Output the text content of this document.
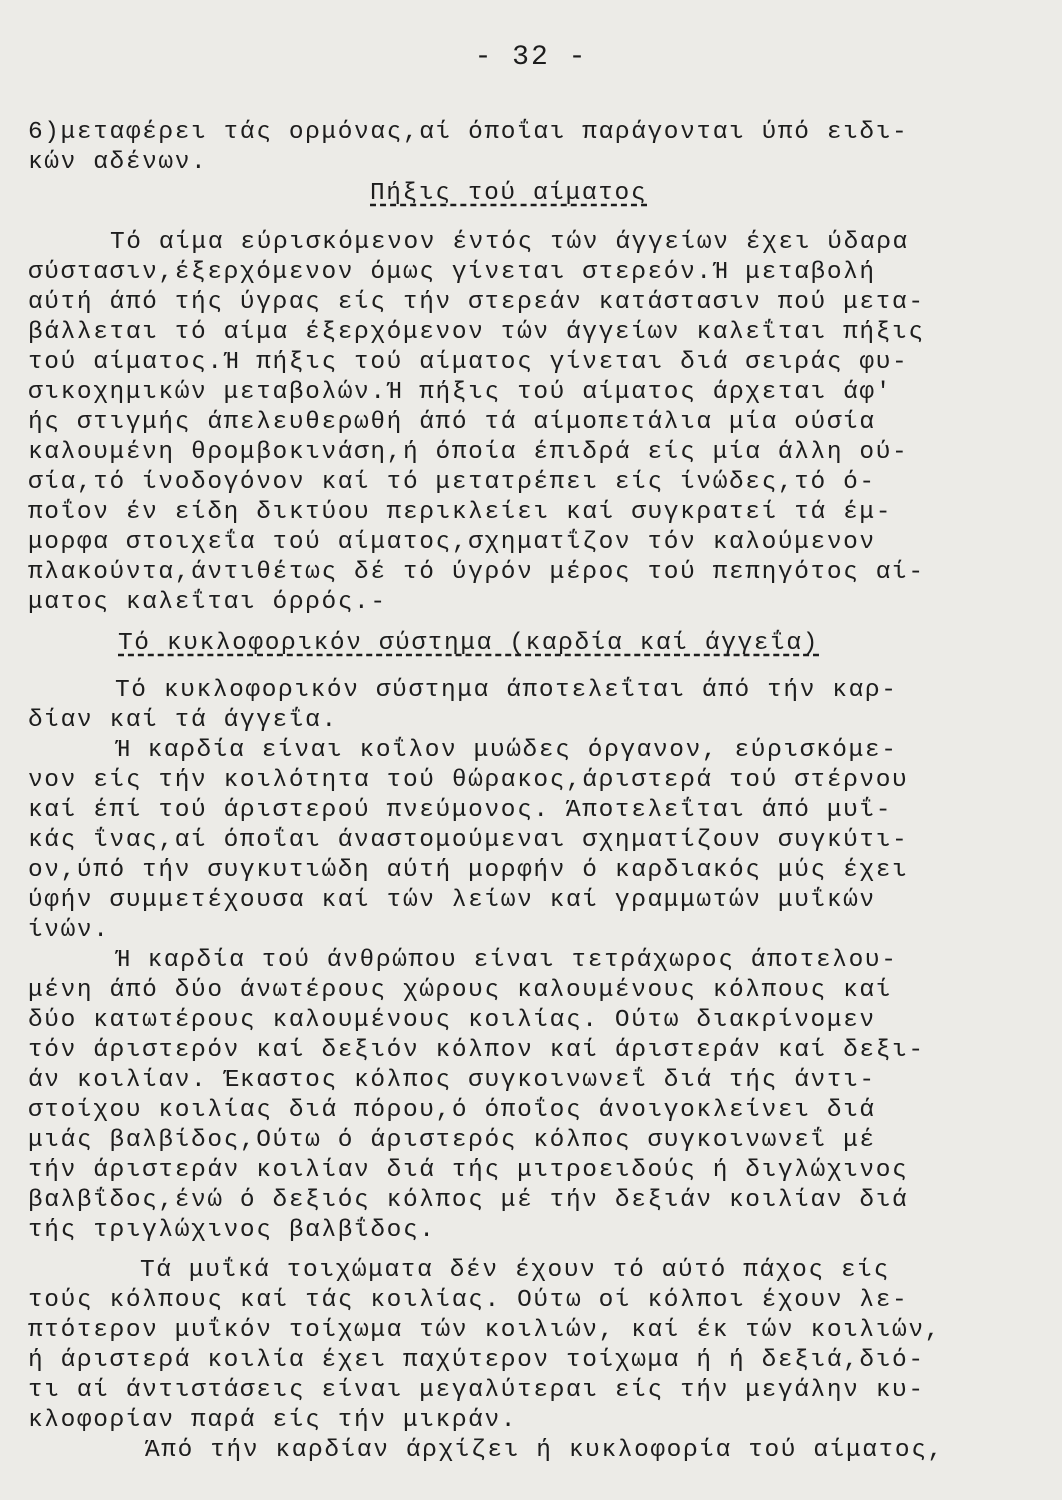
- 32 -
6)μεταφέρει τάς ορμόνας,αί όποΐαι παράγονται ύπό ειδι-
κών αδένων.
Πήξις τού αίματος
Τό αίμα εύρισκόμενον έντός τών άγγείων έχει ύδαρα
σύστασιν,έξερχόμενον όμως γίνεται στερεόν.Ή μεταβολή
αύτή άπό τής ύγρας είς τήν στερεάν κατάστασιν πού μετα-
βάλλεται τό αίμα έξερχόμενον τών άγγείων καλεΐται πήξις
τού αίματος.Ή πήξις τού αίματος γίνεται διά σειράς φυ-
σικοχημικών μεταβολών.Ή πήξις τού αίματος άρχεται άφ'
ής στιγμής άπελευθερωθή άπό τά αίμοπετάλια μία ούσία
καλουμένη θρομβοκινάση,ή όποία έπιδρά είς μία άλλη ού-
σία,τό ίνοδογόνον καί τό μετατρέπει είς ίνώδες,τό ό-
ποΐον έν είδη δικτύου περικλείει καί συγκρατεί τά έμ-
μορφα στοιχεΐα τού αίματος,σχηματΐζον τόν καλούμενον
πλακούντα,άντιθέτως δέ τό ύγρόν μέρος τού πεπηγότος αί-
ματος καλεΐται όρρός.-
Τό κυκλοφορικόν σύστημα (καρδία καί άγγεΐα)
Τό κυκλοφορικόν σύστημα άποτελεΐται άπό τήν καρ-
δίαν καί τά άγγεΐα.
Ή καρδία είναι κοΐλον μυώδες όργανον, εύρισκόμε-
νον είς τήν κοιλότητα τού θώρακος,άριστερά τού στέρνου
καί έπί τού άριστερού πνεύμονος. Άποτελεΐται άπό μυΐ-
κάς ΐνας,αί όποΐαι άναστομούμεναι σχηματίζουν συγκύτι-
ον,ύπό τήν συγκυτιώδη αύτή μορφήν ό καρδιακός μύς έχει
ύφήν συμμετέχουσα καί τών λείων καί γραμμωτών μυΐκών
ίνών.
Ή καρδία τού άνθρώπου είναι τετράχωρος άποτελου-
μένη άπό δύο άνωτέρους χώρους καλουμένους κόλπους καί
δύο κατωτέρους καλουμένους κοιλίας. Ούτω διακρίνομεν
τόν άριστερόν καί δεξιόν κόλπον καί άριστεράν καί δεξι-
άν κοιλίαν. Έκαστος κόλπος συγκοινωνεΐ διά τής άντι-
στοίχου κοιλίας διά πόρου,ό όποΐος άνοιγοκλείνει διά
μιάς βαλβίδος,Ούτω ό άριστερός κόλπος συγκοινωνεΐ μέ
τήν άριστεράν κοιλίαν διά τής μιτροειδούς ή διγλώχινος
βαλβΐδος,ένώ ό δεξιός κόλπος μέ τήν δεξιάν κοιλίαν διά
τής τριγλώχινος βαλβΐδος.
Τά μυΐκά τοιχώματα δέν έχουν τό αύτό πάχος είς
τούς κόλπους καί τάς κοιλίας. Ούτω οί κόλποι έχουν λε-
πτότερον μυΐκόν τοίχωμα τών κοιλιών, καί έκ τών κοιλιών,
ή άριστερά κοιλία έχει παχύτερον τοίχωμα ή ή δεξιά,διό-
τι αί άντιστάσεις είναι μεγαλύτεραι είς τήν μεγάλην κυ-
κλοφορίαν παρά είς τήν μικράν.
Άπό τήν καρδίαν άρχίζει ή κυκλοφορία τού αίματος,
